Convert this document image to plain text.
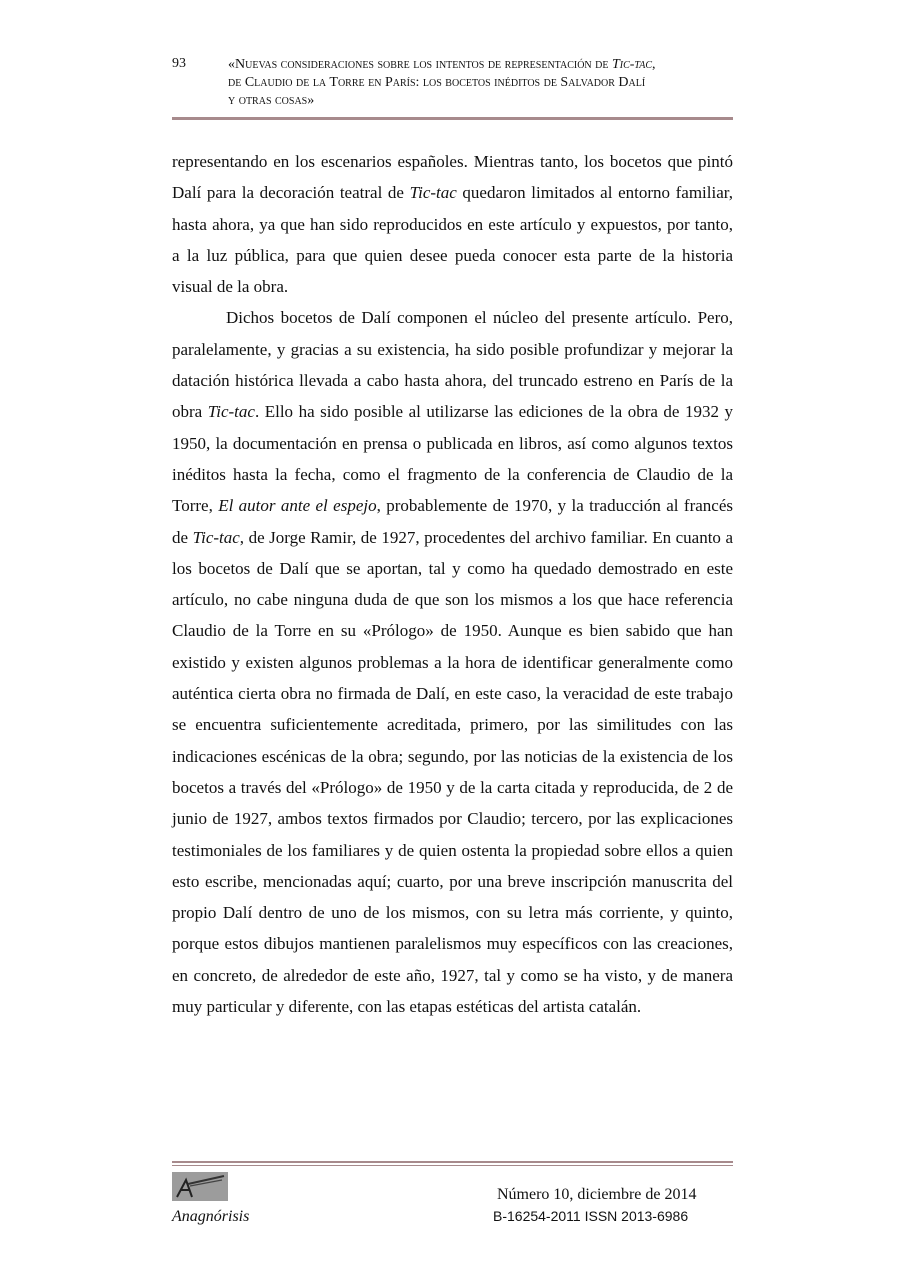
93	«Nuevas consideraciones sobre los intentos de representación de Tic-tac,
de Claudio de la Torre en París: los bocetos inéditos de Salvador Dalí
y otras cosas»

representando en los escenarios españoles. Mientras tanto, los bocetos que pintó Dalí para la decoración teatral de Tic-tac quedaron limitados al entorno familiar, hasta ahora, ya que han sido reproducidos en este artículo y expuestos, por tanto, a la luz pública, para que quien desee pueda conocer esta parte de la historia visual de la obra.

Dichos bocetos de Dalí componen el núcleo del presente artículo. Pero, paralelamente, y gracias a su existencia, ha sido posible profundizar y mejorar la datación histórica llevada a cabo hasta ahora, del truncado estreno en París de la obra Tic-tac. Ello ha sido posible al utilizarse las ediciones de la obra de 1932 y 1950, la documentación en prensa o publicada en libros, así como algunos textos inéditos hasta la fecha, como el fragmento de la conferencia de Claudio de la Torre, El autor ante el espejo, probablemente de 1970, y la traducción al francés de Tic-tac, de Jorge Ramir, de 1927, procedentes del archivo familiar. En cuanto a los bocetos de Dalí que se aportan, tal y como ha quedado demostrado en este artículo, no cabe ninguna duda de que son los mismos a los que hace referencia Claudio de la Torre en su «Prólogo» de 1950. Aunque es bien sabido que han existido y existen algunos problemas a la hora de identificar generalmente como auténtica cierta obra no firmada de Dalí, en este caso, la veracidad de este trabajo se encuentra suficientemente acreditada, primero, por las similitudes con las indicaciones escénicas de la obra; segundo, por las noticias de la existencia de los bocetos a través del «Prólogo» de 1950 y de la carta citada y reproducida, de 2 de junio de 1927, ambos textos firmados por Claudio; tercero, por las explicaciones testimoniales de los familiares y de quien ostenta la propiedad sobre ellos a quien esto escribe, mencionadas aquí; cuarto, por una breve inscripción manuscrita del propio Dalí dentro de uno de los mismos, con su letra más corriente, y quinto, porque estos dibujos mantienen paralelismos muy específicos con las creaciones, en concreto, de alrededor de este año, 1927, tal y como se ha visto, y de manera muy particular y diferente, con las etapas estéticas del artista catalán.

Anagnórisis
Número 10, diciembre de 2014
B-16254-2011 ISSN 2013-6986
